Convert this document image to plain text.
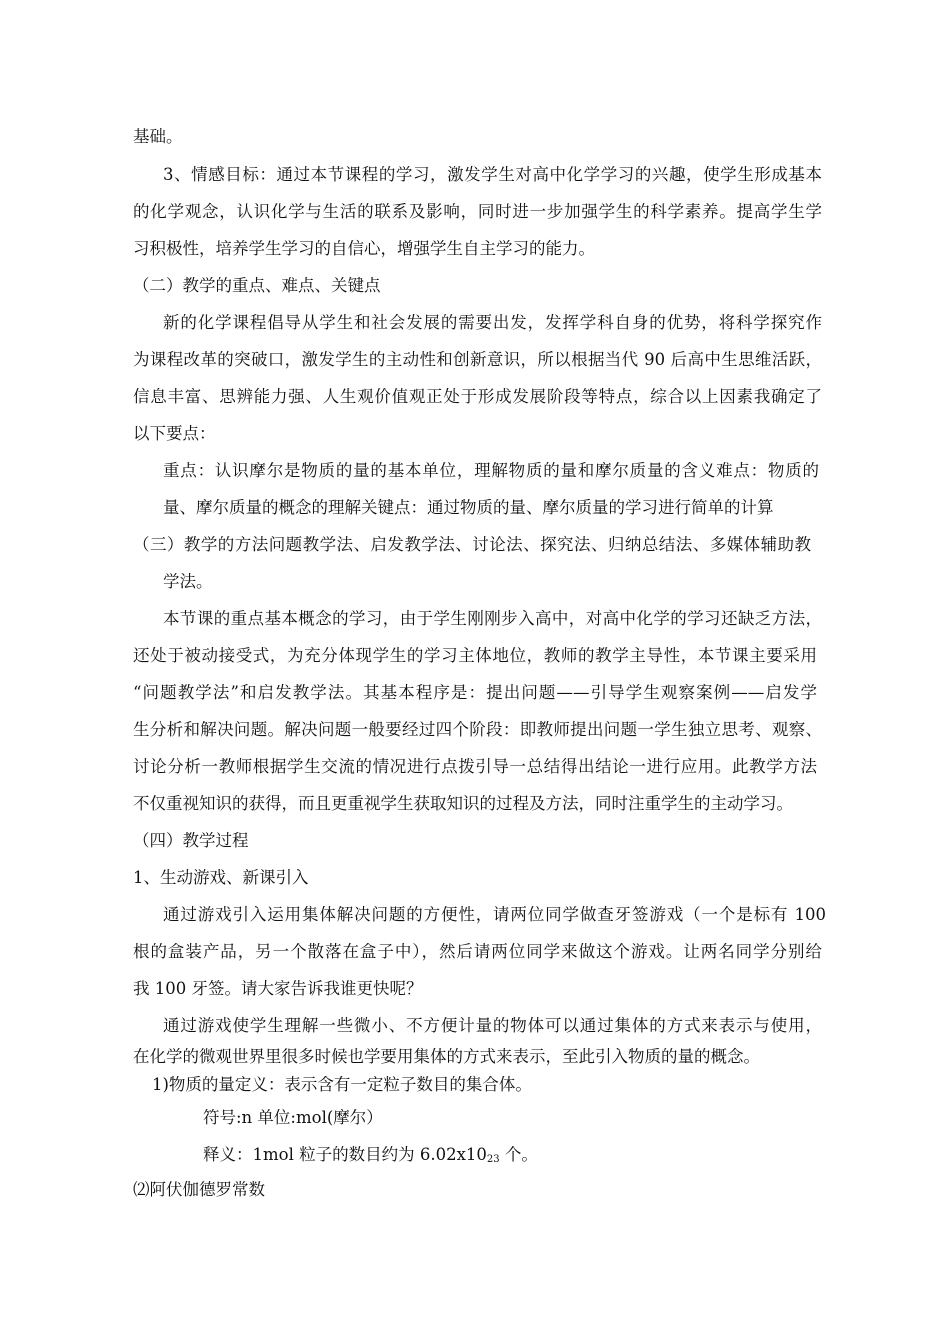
基础。
3、情感目标：通过本节课程的学习，激发学生对高中化学学习的兴趣，使学生形成基本
的化学观念，认识化学与生活的联系及影响，同时进一步加强学生的科学素养。提高学生学
习积极性，培养学生学习的自信心，增强学生自主学习的能力。
（二）教学的重点、难点、关键点
新的化学课程倡导从学生和社会发展的需要出发，发挥学科自身的优势，将科学探究作
为课程改革的突破口，激发学生的主动性和创新意识，所以根据当代 90 后高中生思维活跃，
信息丰富、思辨能力强、人生观价值观正处于形成发展阶段等特点，综合以上因素我确定了
以下要点：
重点：认识摩尔是物质的量的基本单位，理解物质的量和摩尔质量的含义难点：物质的
量、摩尔质量的概念的理解关键点：通过物质的量、摩尔质量的学习进行简单的计算
（三）教学的方法问题教学法、启发教学法、讨论法、探究法、归纳总结法、多媒体辅助教
学法。
本节课的重点基本概念的学习，由于学生刚刚步入高中，对高中化学的学习还缺乏方法，
还处于被动接受式，为充分体现学生的学习主体地位，教师的教学主导性，本节课主要采用
“问题教学法”和启发教学法。其基本程序是：提出问题——引导学生观察案例——启发学
生分析和解决问题。解决问题一般要经过四个阶段：即教师提出问题一学生独立思考、观察、
讨论分析一教师根据学生交流的情况进行点拨引导一总结得出结论一进行应用。此教学方法
不仅重视知识的获得，而且更重视学生获取知识的过程及方法，同时注重学生的主动学习。
（四）教学过程
1、生动游戏、新课引入
通过游戏引入运用集体解决问题的方便性，请两位同学做查牙签游戏（一个是标有 100
根的盒装产品，另一个散落在盒子中），然后请两位同学来做这个游戏。让两名同学分别给
我 100 牙签。请大家告诉我谁更快呢？
通过游戏使学生理解一些微小、不方便计量的物体可以通过集体的方式来表示与使用，
在化学的微观世界里很多时候也学要用集体的方式来表示，至此引入物质的量的概念。
1)物质的量定义：表示含有一定粒子数目的集合体。
符号:n 单位:mol(摩尔）
释义：1mol 粒子的数目约为 $6.02x10_{23}$ 个。
⑵阿伏伽德罗常数
